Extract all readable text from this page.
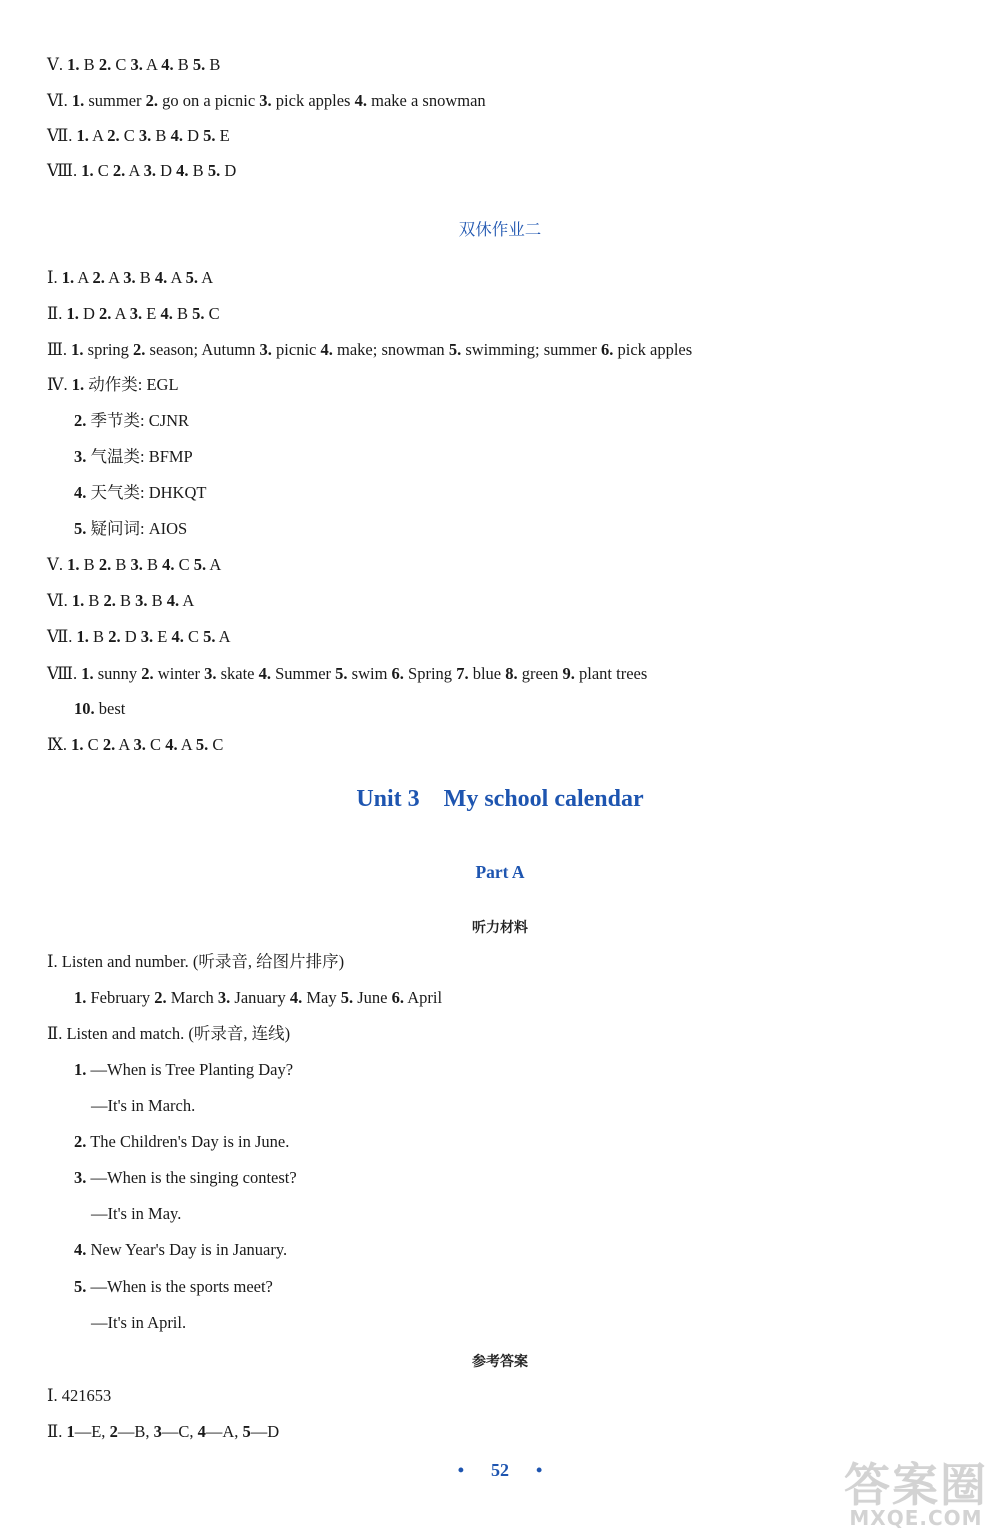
Ⅴ. 1. B 2. C 3. A 4. B 5. B
Ⅵ. 1. summer 2. go on a picnic 3. pick apples 4. make a snowman
Ⅶ. 1. A 2. C 3. B 4. D 5. E
Ⅷ. 1. C 2. A 3. D 4. B 5. D
双休作业二
Ⅰ. 1. A 2. A 3. B 4. A 5. A
Ⅱ. 1. D 2. A 3. E 4. B 5. C
Ⅲ. 1. spring 2. season; Autumn 3. picnic 4. make; snowman 5. swimming; summer 6. pick apples
Ⅳ. 1. 动作类: EGL
2. 季节类: CJNR
3. 气温类: BFMP
4. 天气类: DHKQT
5. 疑问词: AIOS
Ⅴ. 1. B 2. B 3. B 4. C 5. A
Ⅵ. 1. B 2. B 3. B 4. A
Ⅶ. 1. B 2. D 3. E 4. C 5. A
Ⅷ. 1. sunny 2. winter 3. skate 4. Summer 5. swim 6. Spring 7. blue 8. green 9. plant trees
10. best
Ⅸ. 1. C 2. A 3. C 4. A 5. C
Unit 3    My school calendar
Part A
听力材料
Ⅰ. Listen and number. (听录音, 给图片排序)
1. February 2. March 3. January 4. May 5. June 6. April
Ⅱ. Listen and match. (听录音, 连线)
1. —When is Tree Planting Day?
—It's in March.
2. The Children's Day is in June.
3. —When is the singing contest?
—It's in May.
4. New Year's Day is in January.
5. —When is the sports meet?
—It's in April.
参考答案
Ⅰ. 421653
Ⅱ. 1—E, 2—B, 3—C, 4—A, 5—D
• 52 •	答案圈
MXQE.COM
